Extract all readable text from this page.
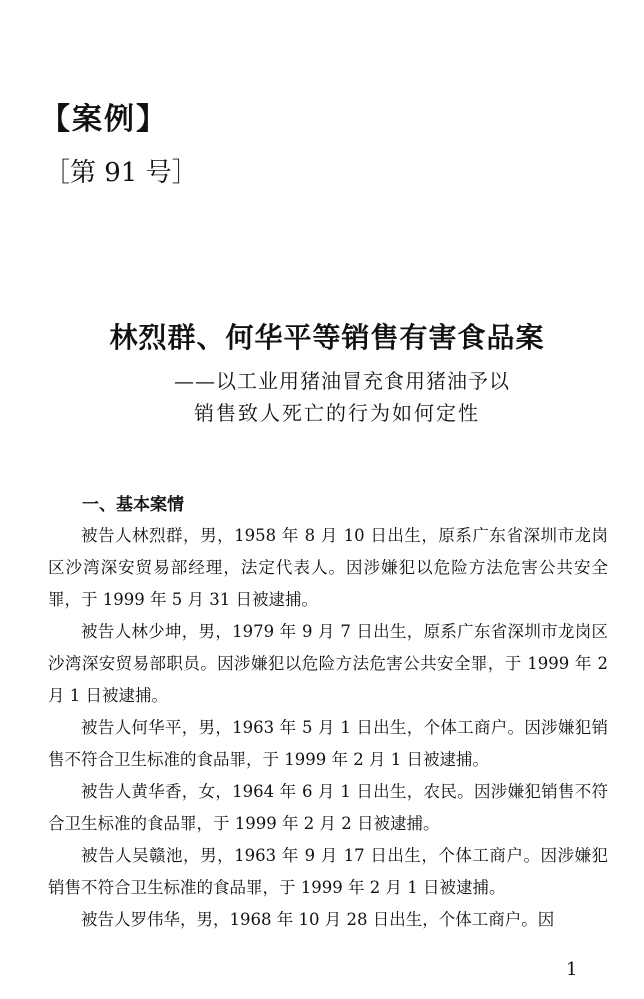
【案例】
［第 91 号］
林烈群、何华平等销售有害食品案
——以工业用猪油冒充食用猪油予以
销售致人死亡的行为如何定性
一、基本案情

被告人林烈群，男，1958 年 8 月 10 日出生，原系广东省深圳市龙岗区沙湾深安贸易部经理，法定代表人。因涉嫌犯以危险方法危害公共安全罪，于 1999 年 5 月 31 日被逮捕。

被告人林少坤，男，1979 年 9 月 7 日出生，原系广东省深圳市龙岗区沙湾深安贸易部职员。因涉嫌犯以危险方法危害公共安全罪，于 1999 年 2 月 1 日被逮捕。

被告人何华平，男，1963 年 5 月 1 日出生，个体工商户。因涉嫌犯销售不符合卫生标准的食品罪，于 1999 年 2 月 1 日被逮捕。

被告人黄华香，女，1964 年 6 月 1 日出生，农民。因涉嫌犯销售不符合卫生标准的食品罪，于 1999 年 2 月 2 日被逮捕。

被告人吴赣池，男，1963 年 9 月 17 日出生，个体工商户。因涉嫌犯销售不符合卫生标准的食品罪，于 1999 年 2 月 1 日被逮捕。

被告人罗伟华，男，1968 年 10 月 28 日出生，个体工商户。因

1
